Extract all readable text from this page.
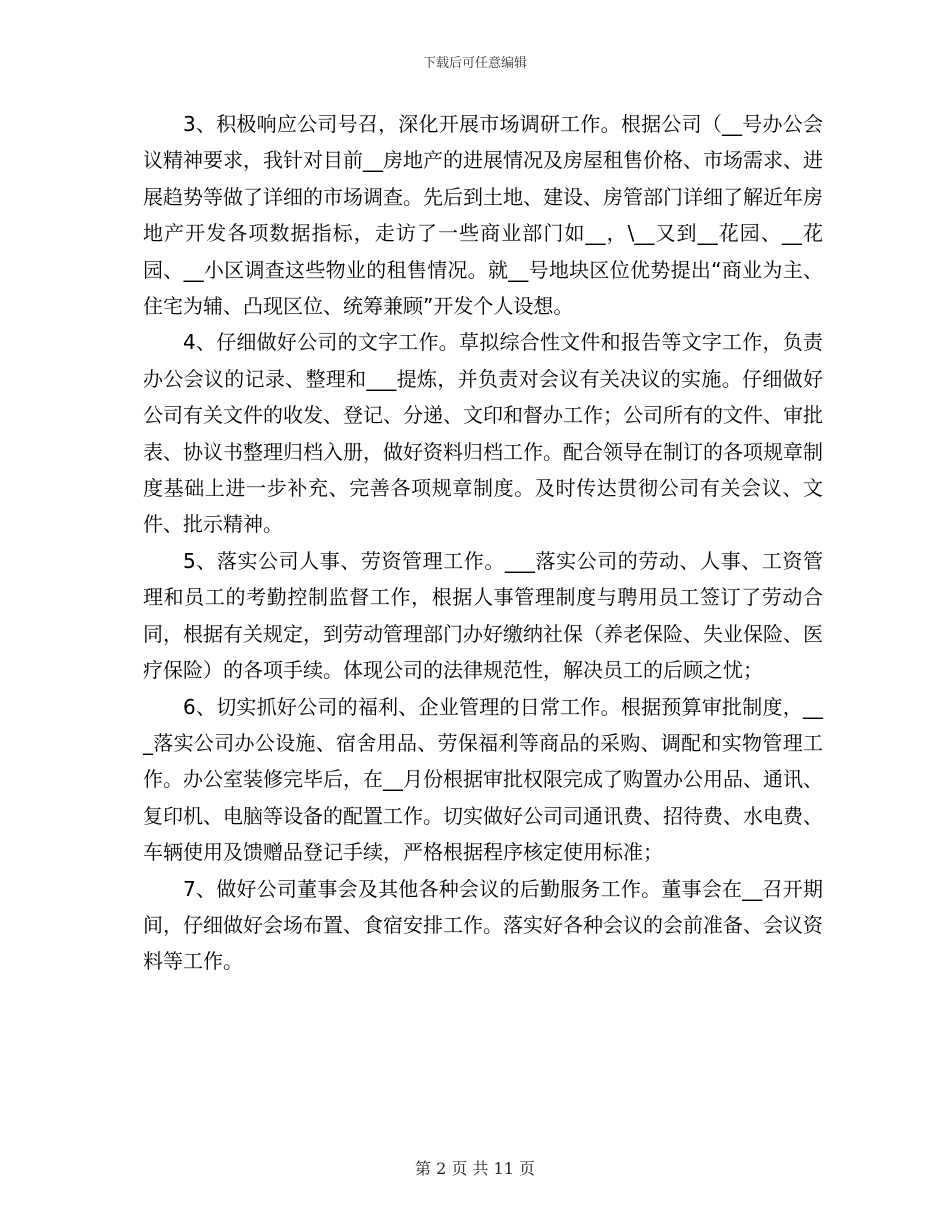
下载后可任意编辑

3、积极响应公司号召，深化开展市场调研工作。根据公司（__号办公会议精神要求，我针对目前__房地产的进展情况及房屋租售价格、市场需求、进展趋势等做了详细的市场调查。先后到土地、建设、房管部门详细了解近年房地产开发各项数据指标，走访了一些商业部门如__，\__又到__花园、__花园、__小区调查这些物业的租售情况。就__号地块区位优势提出“商业为主、住宅为辅、凸现区位、统筹兼顾”开发个人设想。

4、仔细做好公司的文字工作。草拟综合性文件和报告等文字工作，负责办公会议的记录、整理和___提炼，并负责对会议有关决议的实施。仔细做好公司有关文件的收发、登记、分递、文印和督办工作；公司所有的文件、审批表、协议书整理归档入册，做好资料归档工作。配合领导在制订的各项规章制度基础上进一步补充、完善各项规章制度。及时传达贯彻公司有关会议、文件、批示精神。

5、落实公司人事、劳资管理工作。___落实公司的劳动、人事、工资管理和员工的考勤控制监督工作，根据人事管理制度与聘用员工签订了劳动合同，根据有关规定，到劳动管理部门办好缴纳社保（养老保险、失业保险、医疗保险）的各项手续。体现公司的法律规范性，解决员工的后顾之忧；

6、切实抓好公司的福利、企业管理的日常工作。根据预算审批制度，___落实公司办公设施、宿舍用品、劳保福利等商品的采购、调配和实物管理工作。办公室装修完毕后，在__月份根据审批权限完成了购置办公用品、通讯、复印机、电脑等设备的配置工作。切实做好公司司通讯费、招待费、水电费、车辆使用及馈赠品登记手续，严格根据程序核定使用标准；

7、做好公司董事会及其他各种会议的后勤服务工作。董事会在__召开期间，仔细做好会场布置、食宿安排工作。落实好各种会议的会前准备、会议资料等工作。

第 2 页 共 11 页
